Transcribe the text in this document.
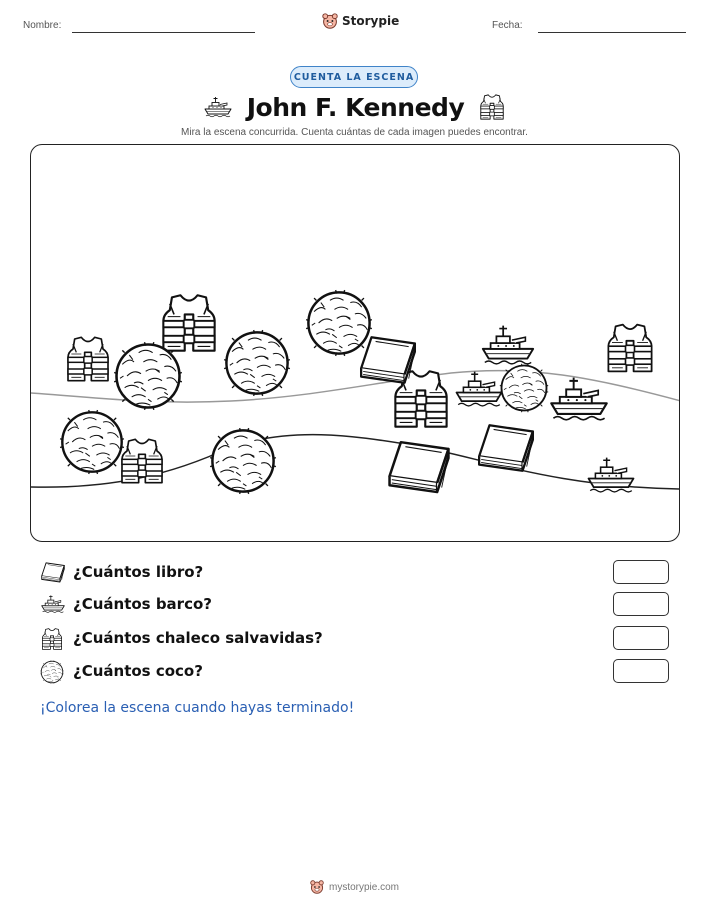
Nombre:	Storypie	Fecha:
CUENTA LA ESCENA
John F. Kennedy
Mira la escena concurrida. Cuenta cuántas de cada imagen puedes encontrar.
¿Cuántos libro?
¿Cuántos barco?
¿Cuántos chaleco salvavidas?
¿Cuántos coco?
¡Colorea la escena cuando hayas terminado!
mystorypie.com
